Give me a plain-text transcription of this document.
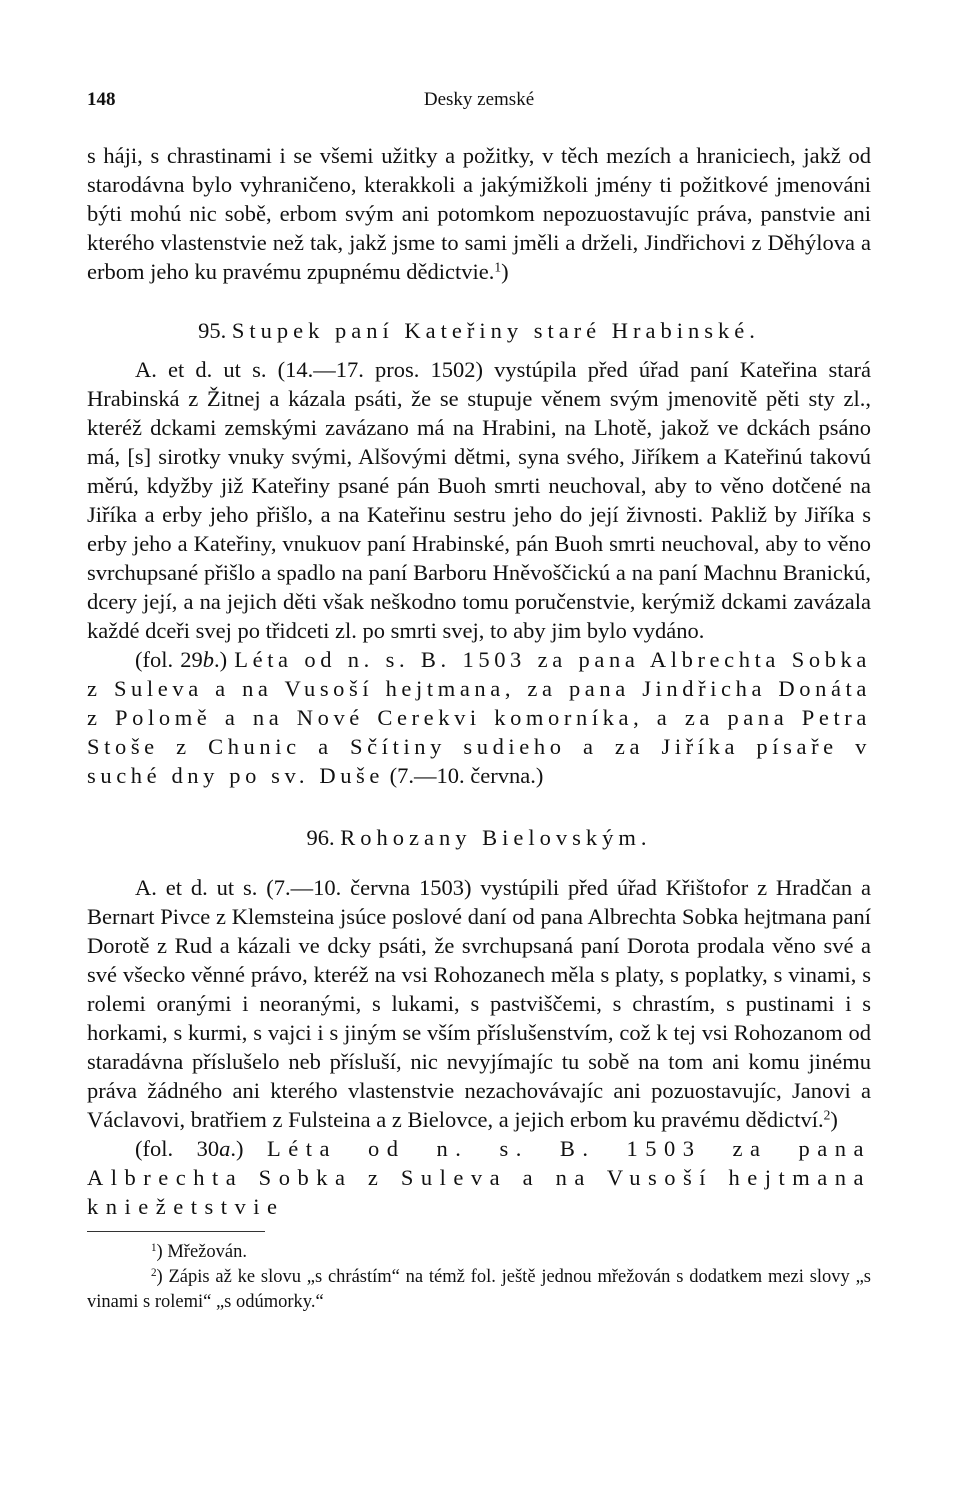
148	Desky zemské

s háji, s chrastinami i se všemi užitky a požitky, v těch mezích a hraniciech, jakž od starodávna bylo vyhraničeno, kterakkoli a jakýmižkoli jmény ti požitkové jmenováni býti mohú nic sobě, erbom svým ani potomkom nepozuostavujíc práva, panstvie ani kterého vlastenstvie než tak, jakž jsme to sami jměli a drželi, Jindřichovi z Děhýlova a erbom jeho ku pravému zpupnému dědictvie.$^1$)

95. Stupek paní Kateřiny staré Hrabinské.

A. et d. ut s. (14.—17. pros. 1502) vystúpila před úřad paní Kateřina stará Hrabinská z Žitnej a kázala psáti, že se stupuje věnem svým jmenovitě pěti sty zl., kteréž dckami zemskými zavázano má na Hrabini, na Lhotě, jakož ve dckách psáno má, [s] sirotky vnuky svými, Alšovými dětmi, syna svého, Jiříkem a Kateřinú takovú měrú, kdyžby již Kateřiny psané pán Buoh smrti neuchoval, aby to věno dotčené na Jiříka a erby jeho přišlo, a na Kateřinu sestru jeho do její živnosti. Pakliž by Jiříka s erby jeho a Kateřiny, vnukuov paní Hrabinské, pán Buoh smrti neuchoval, aby to věno svrchupsané přišlo a spadlo na paní Barboru Hněvoščickú a na paní Machnu Branickú, dcery její, a na jejich děti však neškodno tomu poručenstvie, kerýmiž dckami zavázala každé dceři svej po třidceti zl. po smrti svej, to aby jim bylo vydáno.

(fol. 29b.) Léta od n. s. B. 1503 za pana Albrechta Sobka z Suleva a na Vusoší hejtmana, za pana Jindřicha Donáta z Polomě a na Nové Cerekvi komorníka, a za pana Petra Stoše z Chunic a Sčítiny sudieho a za Jiříka písaře v suché dny po sv. Duše (7.—10. června.)

96. Rohozany Bielovským.

A. et d. ut s. (7.—10. června 1503) vystúpili před úřad Křištofor z Hradčan a Bernart Pivce z Klemsteina jsúce poslové daní od pana Albrechta Sobka hejtmana paní Dorotě z Rud a kázali ve dcky psáti, že svrchupsaná paní Dorota prodala věno své a své všecko věnné právo, kteréž na vsi Rohozanech měla s platy, s poplatky, s vinami, s rolemi oranými i neoranými, s lukami, s pastviščemi, s chrastím, s pustinami i s horkami, s kurmi, s vajci i s jiným se vším příslušenstvím, což k tej vsi Rohozanom od staradávna příslušelo neb přísluší, nic nevyjímajíc tu sobě na tom ani komu jinému práva žádného ani kterého vlastenstvie nezachovávajíc ani pozuostavujíc, Janovi a Václavovi, bratřiem z Fulsteina a z Bielovce, a jejich erbom ku pravému dědictví.$^2$)

(fol. 30a.) Léta od n. s. B. 1503 za pana Albrechta Sobka z Suleva a na Vusoší hejtmana kniežetstvie

$^1$) Mřežován.

$^2$) Zápis až ke slovu „s chrástím“ na témž fol. ještě jednou mřežován s dodatkem mezi slovy „s vinami s rolemi“ „s odúmorky.“
